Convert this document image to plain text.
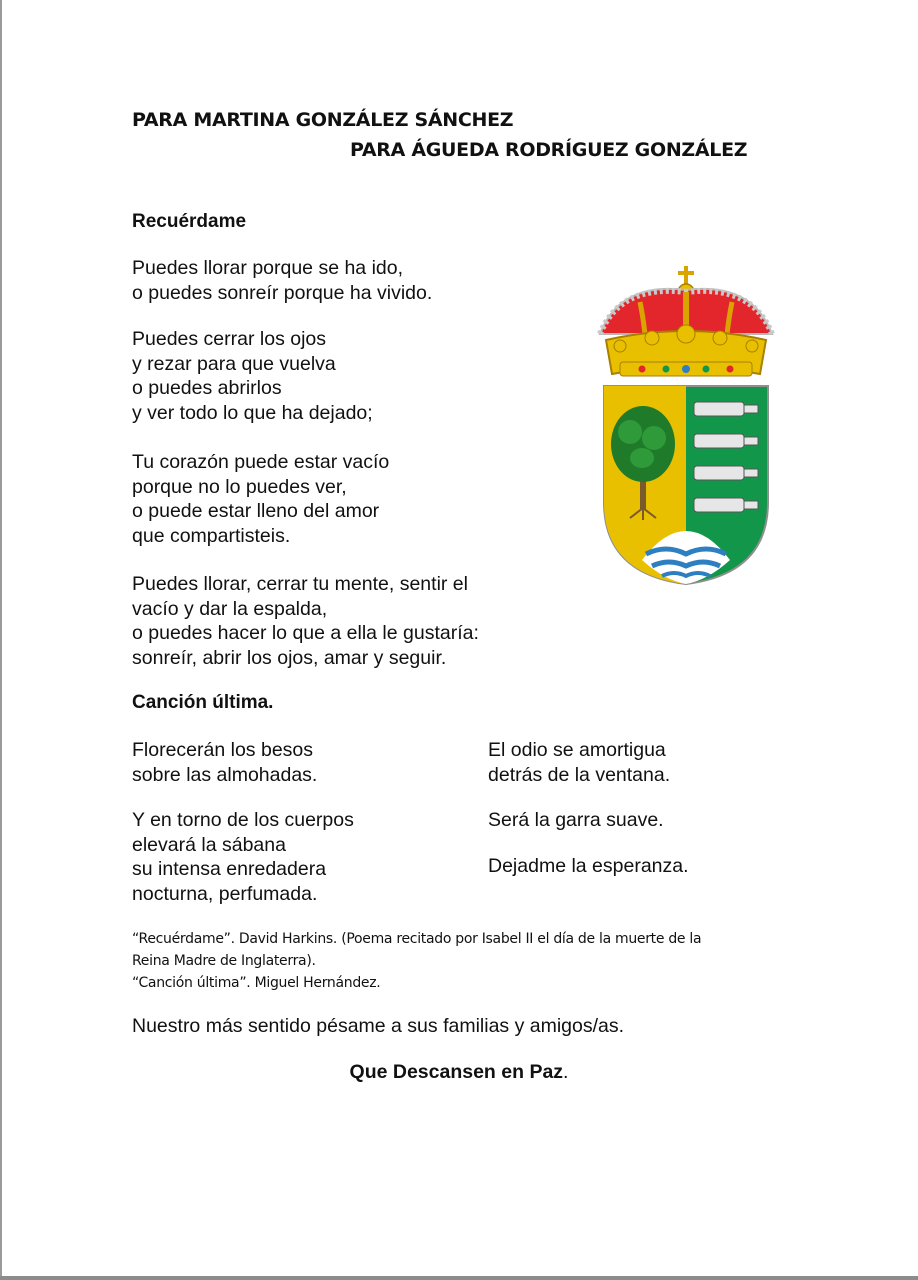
PARA MARTINA GONZÁLEZ SÁNCHEZ
PARA ÁGUEDA RODRÍGUEZ GONZÁLEZ
Recuérdame
Puedes llorar porque se ha ido,
o puedes sonreír porque ha vivido.
Puedes cerrar los ojos
y rezar para que vuelva
o puedes abrirlos
y ver todo lo que ha dejado;
Tu corazón puede estar vacío
porque no lo puedes ver,
o puede estar lleno del amor
que compartisteis.
Puedes llorar, cerrar tu mente, sentir el
vacío y dar la espalda,
o puedes hacer lo que a ella le gustaría:
sonreír, abrir los ojos, amar y seguir.
Canción última.
Florecerán los besos
sobre las almohadas.
Y en torno de los cuerpos
elevará la sábana
su intensa enredadera
nocturna, perfumada.
El odio se amortigua
detrás de la ventana.
Será la garra suave.
Dejadme la esperanza.
“Recuérdame”. David Harkins. (Poema recitado por Isabel II el día de la muerte de la
Reina Madre de Inglaterra).
“Canción última”. Miguel Hernández.
Nuestro más sentido pésame a sus familias y amigos/as.
Que Descansen en Paz.
